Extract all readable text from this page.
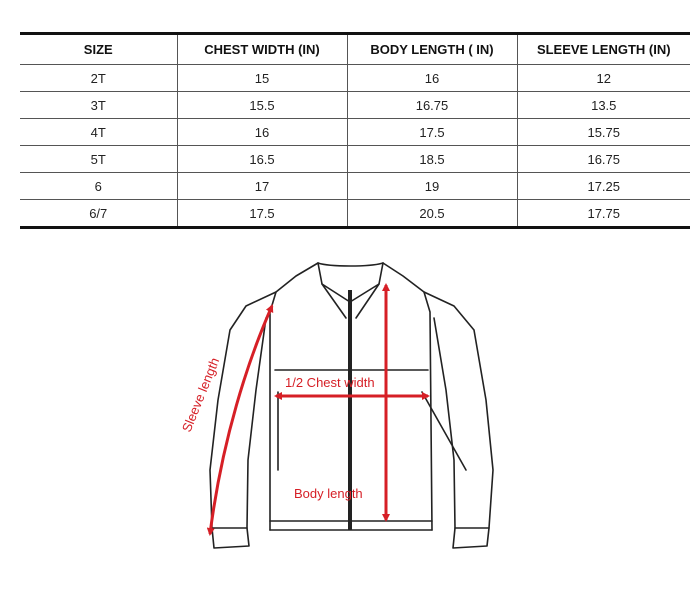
SIZE	CHEST WIDTH (IN)	BODY LENGTH ( IN)	SLEEVE LENGTH (IN)
2T	15	16	12
3T	15.5	16.75	13.5
4T	16	17.5	15.75
5T	16.5	18.5	16.75
6	17	19	17.25
6/7	17.5	20.5	17.75
Sleeve length	1/2 Chest width
Body length
